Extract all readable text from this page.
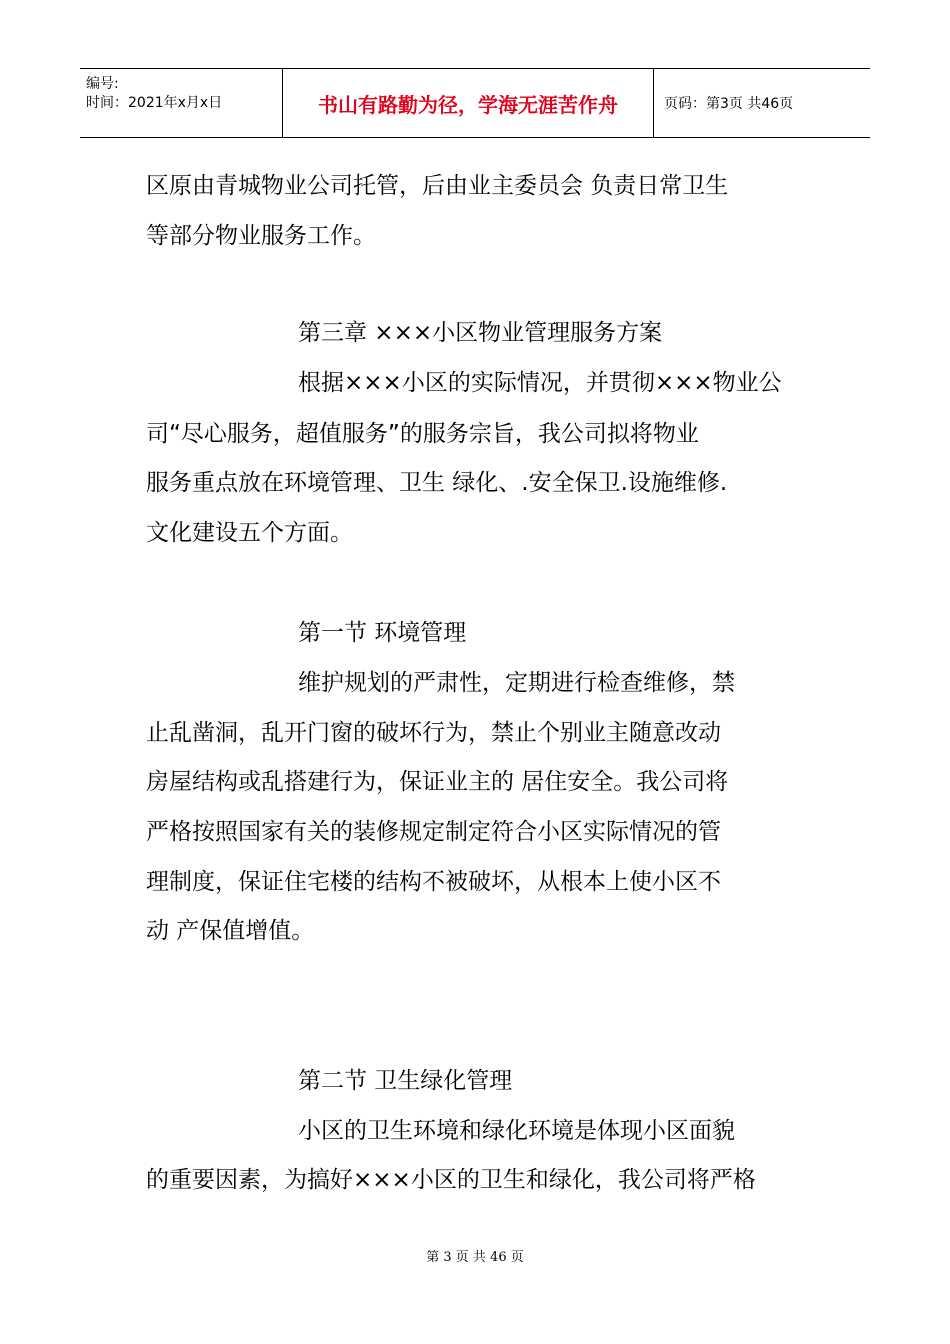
编号:
时间：2021年x月x日	书山有路勤为径，学海无涯苦作舟	页码：第3页 共46页
区原由青城物业公司托管，后由业主委员会 负责日常卫生
等部分物业服务工作。
第三章 ×××小区物业管理服务方案
根据×××小区的实际情况，并贯彻×××物业公
司“尽心服务，超值服务”的服务宗旨，我公司拟将物业
服务重点放在环境管理、卫生 绿化、.安全保卫.设施维修.
文化建设五个方面。
第一节 环境管理
维护规划的严肃性，定期进行检查维修，禁
止乱凿洞，乱开门窗的破坏行为，禁止个别业主随意改动
房屋结构或乱搭建行为，保证业主的 居住安全。我公司将
严格按照国家有关的装修规定制定符合小区实际情况的管
理制度，保证住宅楼的结构不被破坏，从根本上使小区不
动 产保值增值。
第二节 卫生绿化管理
小区的卫生环境和绿化环境是体现小区面貌
的重要因素，为搞好×××小区的卫生和绿化，我公司将严格
第 3 页 共 46 页
